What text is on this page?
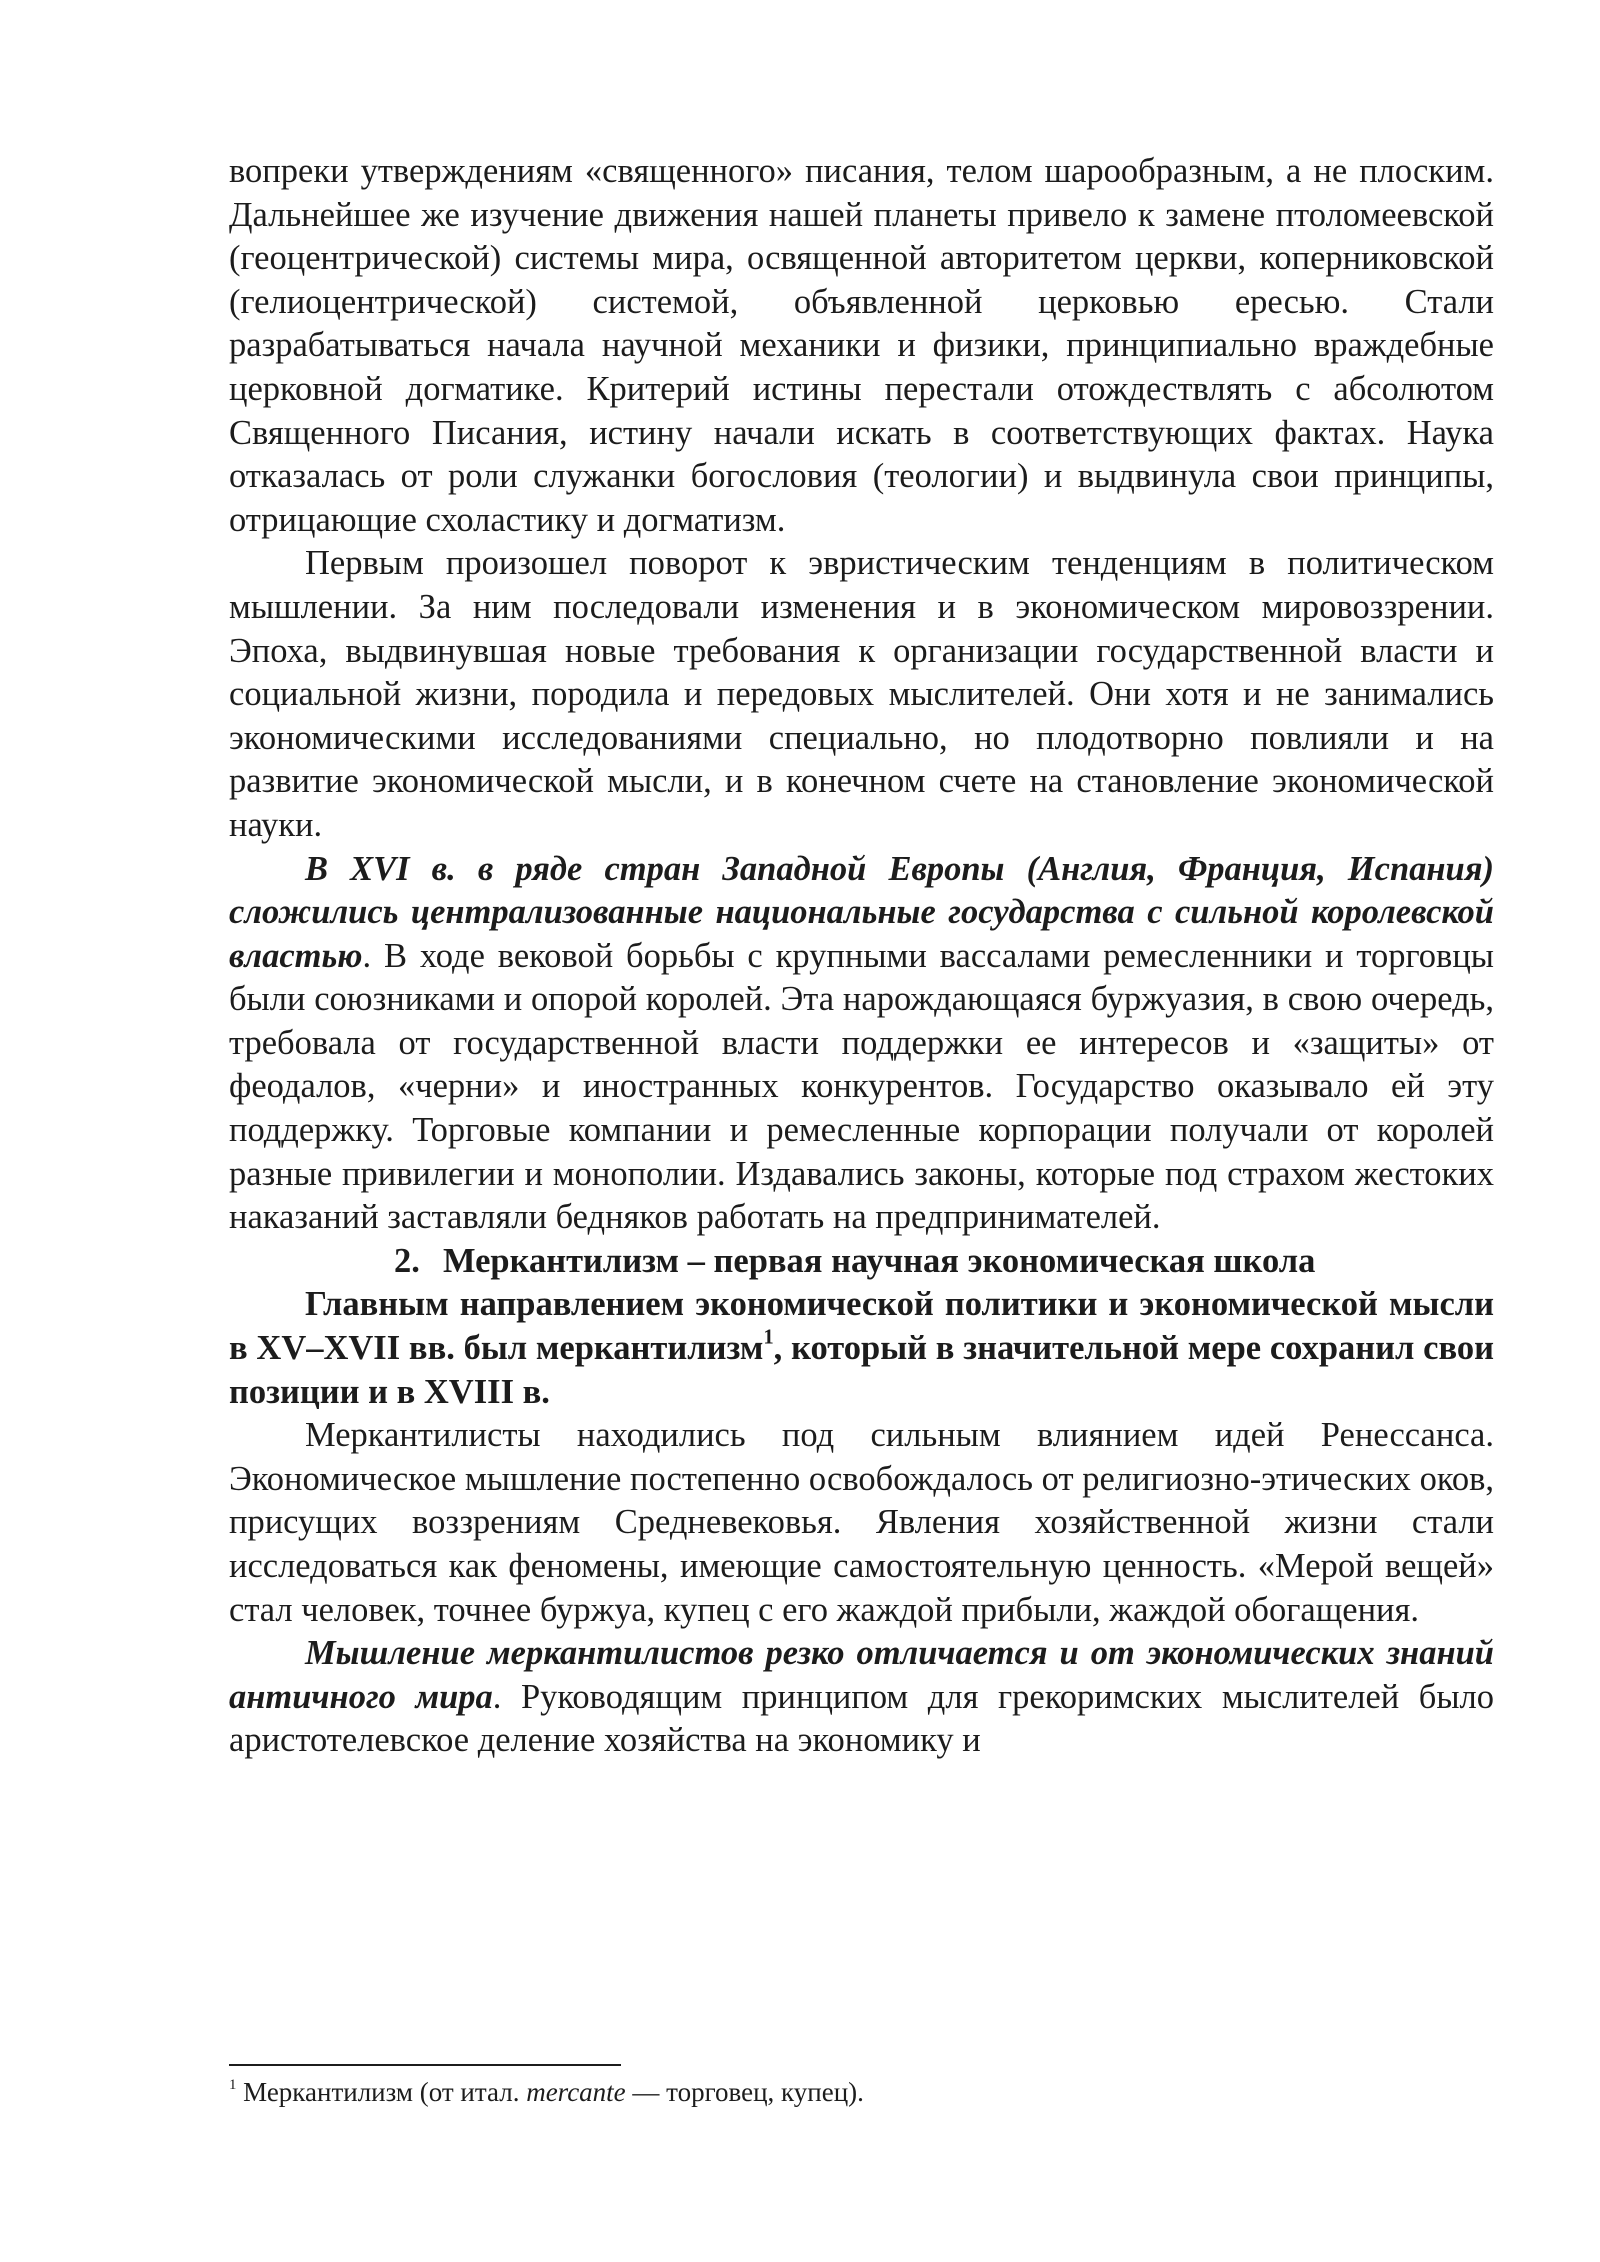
вопреки утверждениям «священного» писания, телом шарообразным, а не плоским. Дальнейшее же изучение движения нашей планеты привело к замене птоломеевской (геоцентрической) системы мира, освященной авторитетом церкви, коперниковской (гелиоцентрической) системой, объявленной церковью ересью. Стали разрабатываться начала научной механики и физики, принципиально враждебные церковной догматике. Критерий истины перестали отождествлять с абсолютом Священного Писания, истину начали искать в соответствующих фактах. Наука отказалась от роли служанки богословия (теологии) и выдвинула свои принципы, отрицающие схоластику и догматизм.

Первым произошел поворот к эвристическим тенденциям в политическом мышлении. За ним последовали изменения и в экономическом мировоззрении. Эпоха, выдвинувшая новые требования к организации государственной власти и социальной жизни, породила и передовых мыслителей. Они хотя и не занимались экономическими исследованиями специально, но плодотворно повлияли и на развитие экономической мысли, и в конечном счете на становление экономической науки.

В XVI в. в ряде стран Западной Европы (Англия, Франция, Испания) сложились централизованные национальные государства с сильной королевской властью. В ходе вековой борьбы с крупными вассалами ремесленники и торговцы были союзниками и опорой королей. Эта нарождающаяся буржуазия, в свою очередь, требовала от государственной власти поддержки ее интересов и «защиты» от феодалов, «черни» и иностранных конкурентов. Государство оказывало ей эту поддержку. Торговые компании и ремесленные корпорации получали от королей разные привилегии и монополии. Издавались законы, которые под страхом жестоких наказаний заставляли бедняков работать на предпринимателей.

2. Меркантилизм – первая научная экономическая школа

Главным направлением экономической политики и экономической мысли в XV–XVII вв. был меркантилизм$^1$, который в значительной мере сохранил свои позиции и в XVIII в.

Меркантилисты находились под сильным влиянием идей Ренессанса. Экономическое мышление постепенно освобождалось от религиозно-этических оков, присущих воззрениям Средневековья. Явления хозяйственной жизни стали исследоваться как феномены, имеющие самостоятельную ценность. «Мерой вещей» стал человек, точнее буржуа, купец с его жаждой прибыли, жаждой обогащения.

Мышление меркантилистов резко отличается и от экономических знаний античного мира. Руководящим принципом для грекоримских мыслителей было аристотелевское деление хозяйства на экономику и

$^1$ Меркантилизм (от итал. mercante — торговец, купец).
